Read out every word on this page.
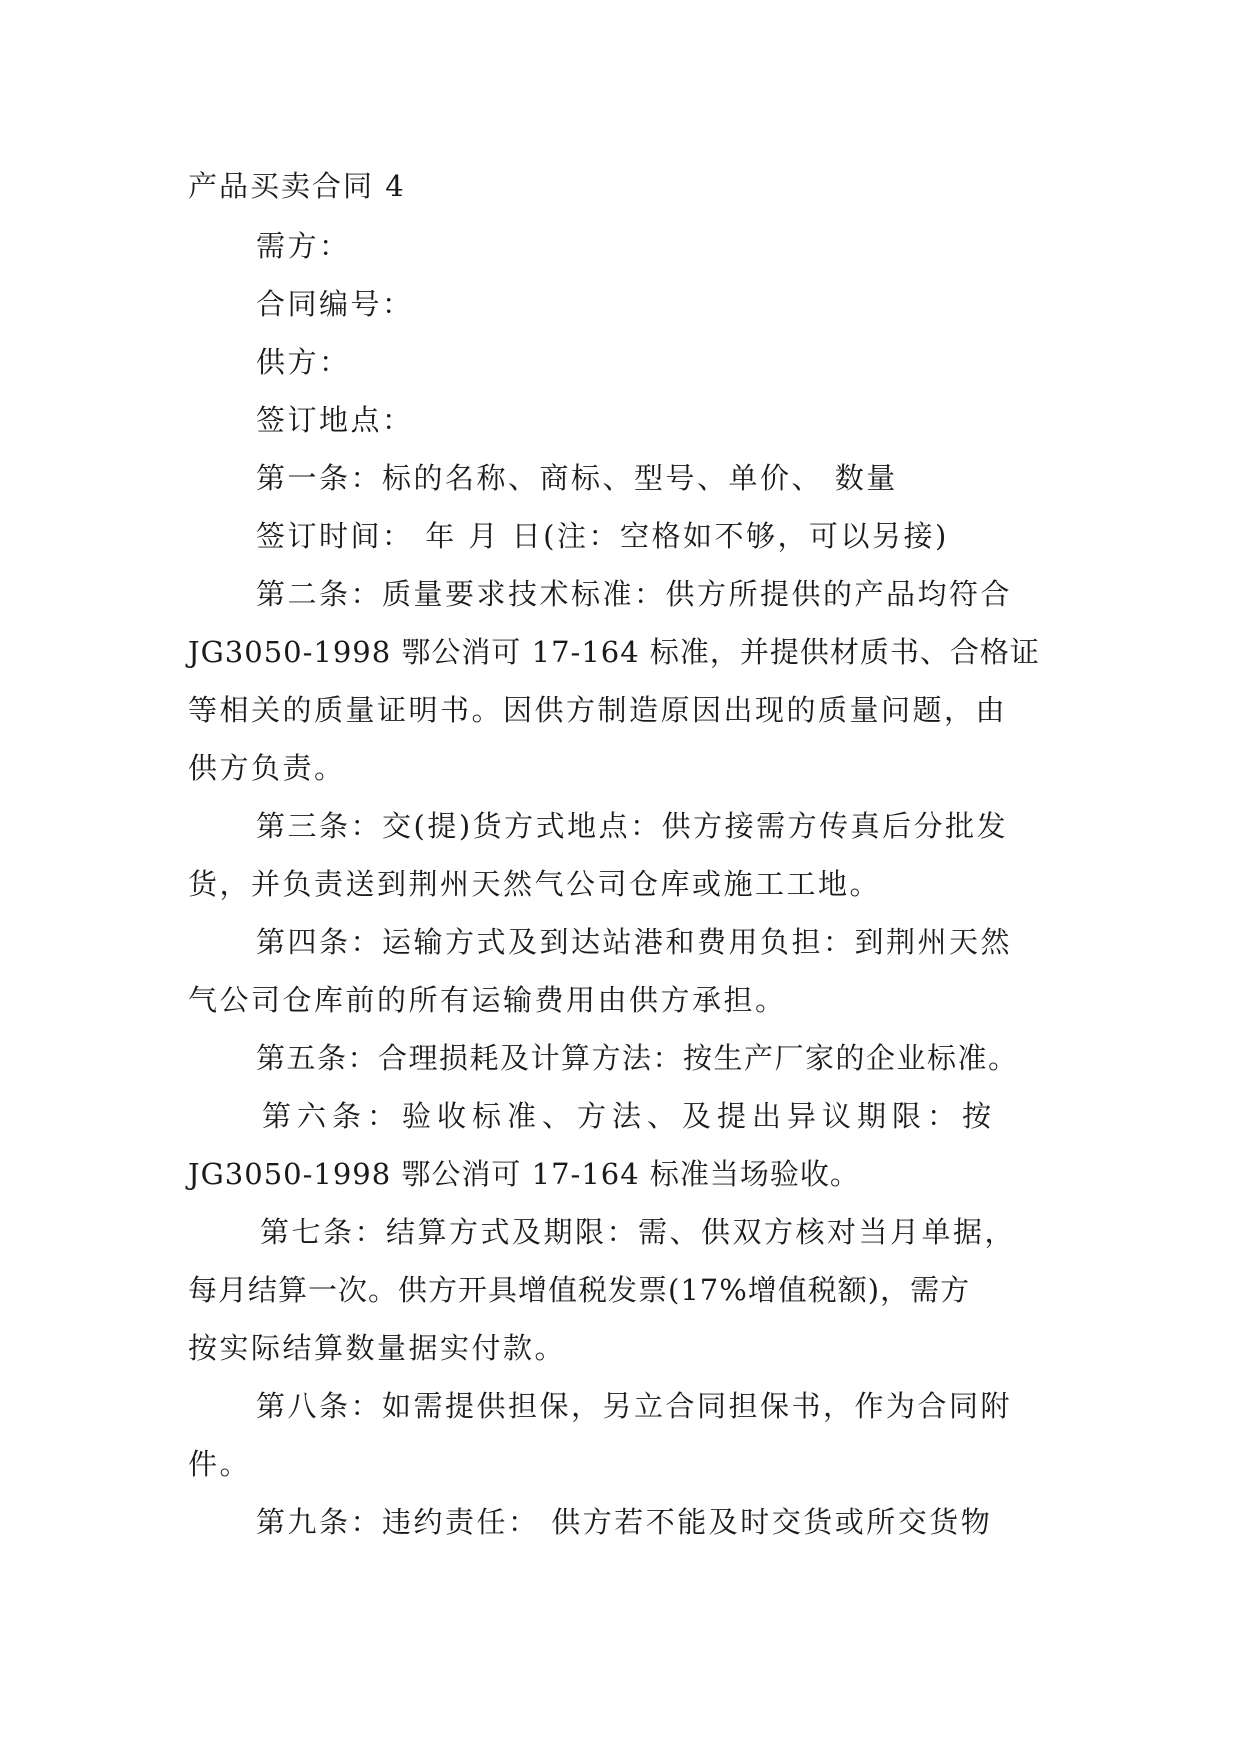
产品买卖合同 4
需方：
合同编号：
供方：
签订地点：
第一条：标的名称、商标、型号、单价、 数量
签订时间： 年 月 日(注：空格如不够，可以另接)
第二条：质量要求技术标准：供方所提供的产品均符合
JG3050-1998 鄂公消可 17-164 标准，并提供材质书、合格证
等相关的质量证明书。因供方制造原因出现的质量问题，由
供方负责。
第三条：交(提)货方式地点：供方接需方传真后分批发
货，并负责送到荆州天然气公司仓库或施工工地。
第四条：运输方式及到达站港和费用负担：到荆州天然
气公司仓库前的所有运输费用由供方承担。
第五条：合理损耗及计算方法：按生产厂家的企业标准。
第六条：验收标准、方法、及提出异议期限：按
JG3050-1998 鄂公消可 17-164 标准当场验收。
第七条：结算方式及期限：需、供双方核对当月单据，
每月结算一次。供方开具增值税发票(17%增值税额)，需方
按实际结算数量据实付款。
第八条：如需提供担保，另立合同担保书，作为合同附
件。
第九条：违约责任： 供方若不能及时交货或所交货物
